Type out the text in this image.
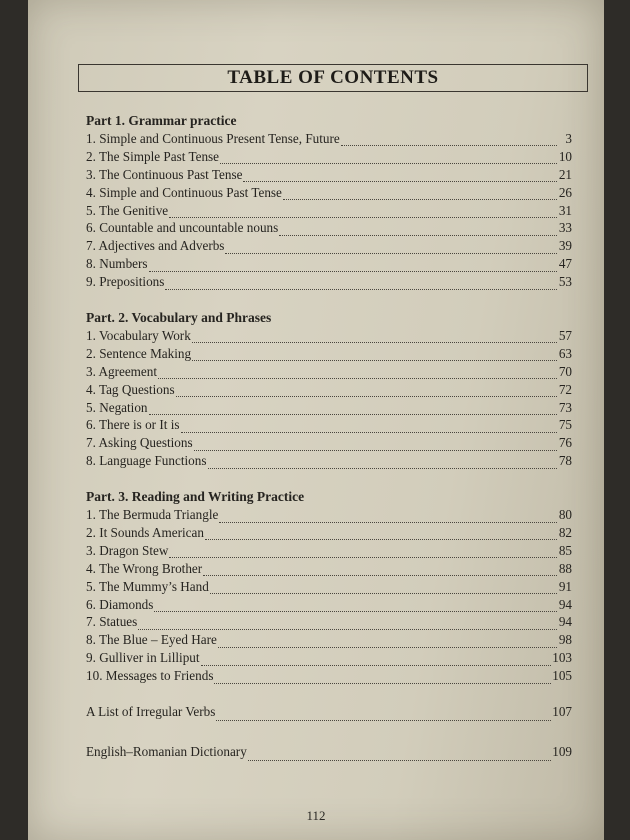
TABLE OF CONTENTS
Part 1. Grammar practice
1. Simple and Continuous Present Tense, Future	3
2. The Simple Past Tense	10
3. The Continuous Past Tense	21
4. Simple and Continuous Past Tense	26
5. The Genitive	31
6. Countable and uncountable nouns	33
7. Adjectives and Adverbs	39
8. Numbers	47
9. Prepositions	53
Part. 2. Vocabulary and Phrases
1. Vocabulary Work	57
2. Sentence Making	63
3. Agreement	70
4. Tag Questions	72
5. Negation	73
6. There is or It is	75
7. Asking Questions	76
8. Language Functions	78
Part. 3. Reading and Writing Practice
1. The Bermuda Triangle	80
2. It Sounds American	82
3. Dragon Stew	85
4. The Wrong Brother	88
5. The Mummy’s Hand	91
6. Diamonds	94
7. Statues	94
8. The Blue – Eyed Hare	98
9. Gulliver in Lilliput	103
10. Messages to Friends	105
A List of Irregular Verbs	107
English–Romanian Dictionary	109
112
